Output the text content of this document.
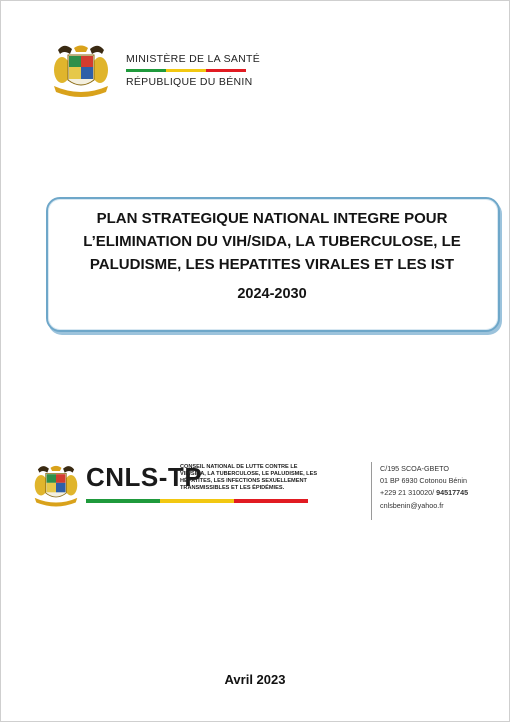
MINISTÈRE DE LA SANTÉ
RÉPUBLIQUE DU BÉNIN
PLAN STRATEGIQUE NATIONAL INTEGRE POUR
L’ELIMINATION DU VIH/SIDA, LA TUBERCULOSE, LE
PALUDISME, LES HEPATITES VIRALES ET LES IST
2024-2030
CNLS-TP
CONSEIL NATIONAL DE LUTTE CONTRE LE VIH/SIDA, LA TUBERCULOSE, LE PALUDISME, LES HÉPATITES, LES INFECTIONS SEXUELLEMENT TRANSMISSIBLES ET LES ÉPIDÉMIES.
C/195 SCOA-GBETO
01 BP 6930 Cotonou Bénin
+229 21 310020/ 94517745
cnlsbenin@yahoo.fr
Avril 2023
